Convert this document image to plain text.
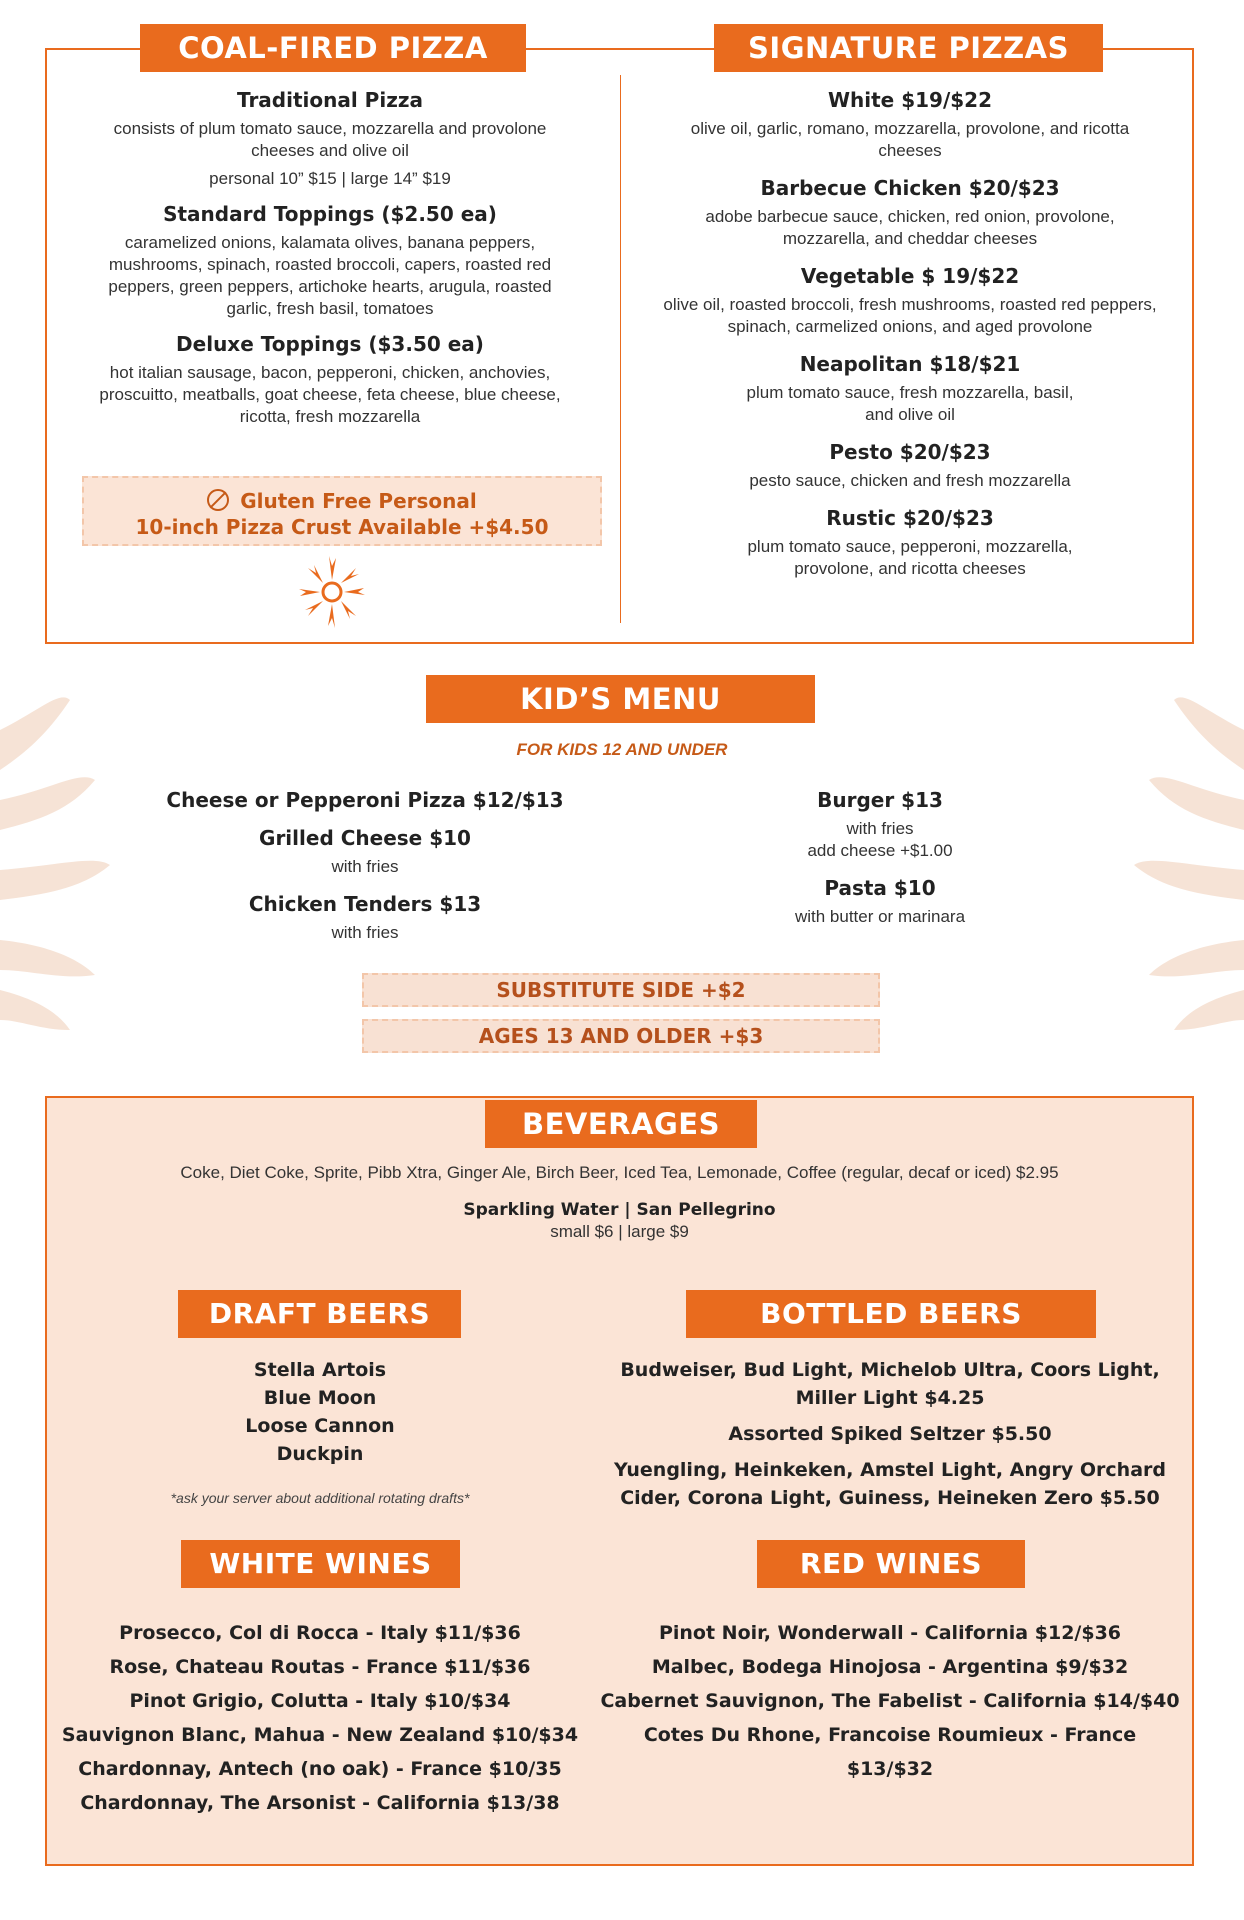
COAL-FIRED PIZZA	SIGNATURE PIZZAS
Traditional Pizza
consists of plum tomato sauce, mozzarella and provolone cheeses and olive oil
personal 10” $15 | large 14” $19
Standard Toppings ($2.50 ea)
caramelized onions, kalamata olives, banana peppers, mushrooms, spinach, roasted broccoli, capers, roasted red peppers, green peppers, artichoke hearts, arugula, roasted garlic, fresh basil, tomatoes
Deluxe Toppings ($3.50 ea)
hot italian sausage, bacon, pepperoni, chicken, anchovies, proscuitto, meatballs, goat cheese, feta cheese, blue cheese, ricotta, fresh mozzarella
Gluten Free Personal
10-inch Pizza Crust Available +$4.50
White $19/$22
olive oil, garlic, romano, mozzarella, provolone, and ricotta cheeses
Barbecue Chicken $20/$23
adobe barbecue sauce, chicken, red onion, provolone, mozzarella, and cheddar cheeses
Vegetable $ 19/$22
olive oil, roasted broccoli, fresh mushrooms, roasted red peppers, spinach, carmelized onions, and aged provolone
Neapolitan $18/$21
plum tomato sauce, fresh mozzarella, basil, and olive oil
Pesto $20/$23
pesto sauce, chicken and fresh mozzarella
Rustic $20/$23
plum tomato sauce, pepperoni, mozzarella, provolone, and ricotta cheeses
KID’S MENU
FOR KIDS 12 AND UNDER
Cheese or Pepperoni Pizza $12/$13
Grilled Cheese $10
with fries
Chicken Tenders $13
with fries
Burger $13
with fries
add cheese +$1.00
Pasta $10
with butter or marinara
SUBSTITUTE SIDE +$2
AGES 13 AND OLDER +$3
BEVERAGES
Coke, Diet Coke, Sprite, Pibb Xtra, Ginger Ale, Birch Beer, Iced Tea, Lemonade, Coffee (regular, decaf or iced) $2.95
Sparkling Water | San Pellegrino
small $6 | large $9
DRAFT BEERS
Stella Artois
Blue Moon
Loose Cannon
Duckpin
*ask your server about additional rotating drafts*
BOTTLED BEERS
Budweiser, Bud Light, Michelob Ultra, Coors Light,
Miller Light $4.25
Assorted Spiked Seltzer $5.50
Yuengling, Heinkeken, Amstel Light, Angry Orchard
Cider, Corona Light, Guiness, Heineken Zero $5.50
WHITE WINES
Prosecco, Col di Rocca - Italy $11/$36
Rose, Chateau Routas - France $11/$36
Pinot Grigio, Colutta - Italy $10/$34
Sauvignon Blanc, Mahua - New Zealand $10/$34
Chardonnay, Antech (no oak) - France $10/35
Chardonnay, The Arsonist - California $13/38
RED WINES
Pinot Noir, Wonderwall - California $12/$36
Malbec, Bodega Hinojosa - Argentina $9/$32
Cabernet Sauvignon, The Fabelist - California $14/$40
Cotes Du Rhone, Francoise Roumieux - France $13/$32
